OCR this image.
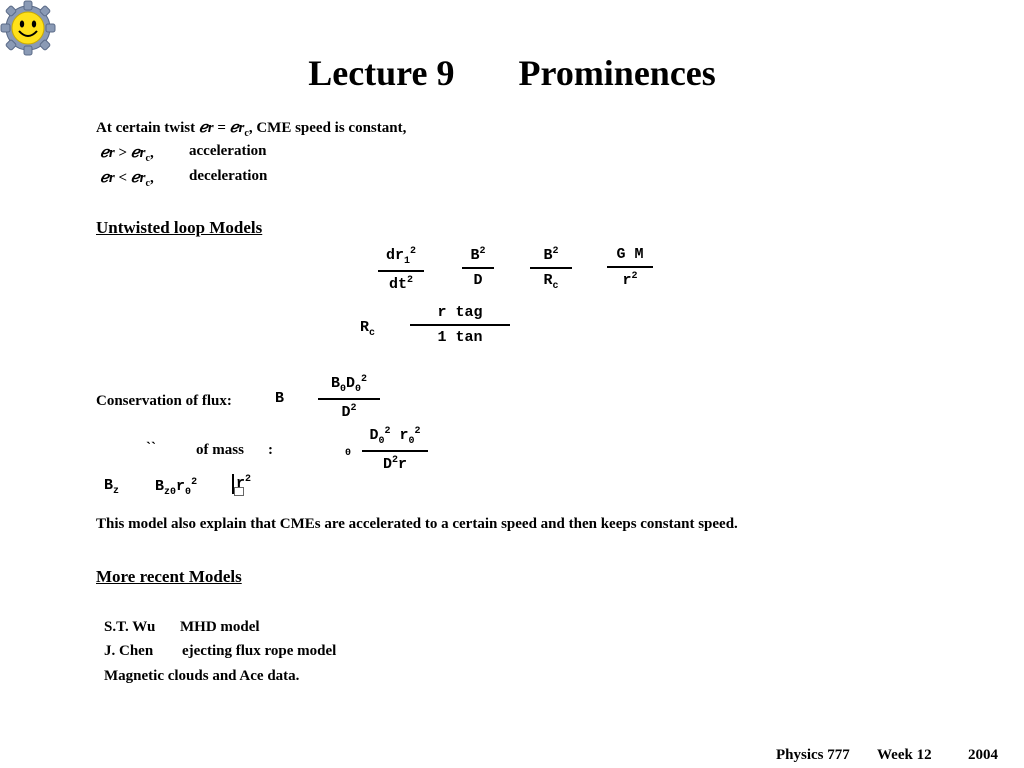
Lecture 9 Prominences
At certain twist ℯr = ℯr$_c$, CME speed is constant,
ℯr > ℯr$_c$, acceleration
ℯr < ℯr$_c$, deceleration
Untwisted loop Models
$dr_1^2$
$dt^2$
$B^2$
D
$B^2$
$R_c$
G M
$r^2$
$R_c$
r tag
1 tan
Conservation of flux:	B
$B_0D_0^2$
$D^2$
``	of mass :	0
$D_0^2$ $r_0^2$
$D^2r$
$B_z$ $B_{z0}r_0^2$	$r^2$
This model also explain that CMEs are accelerated to a certain speed and then keeps constant speed.
More recent Models
S.T. Wu MHD model
J. Chen ejecting flux rope model
Magnetic clouds and Ace data.
Physics 777 Week 12 2004
